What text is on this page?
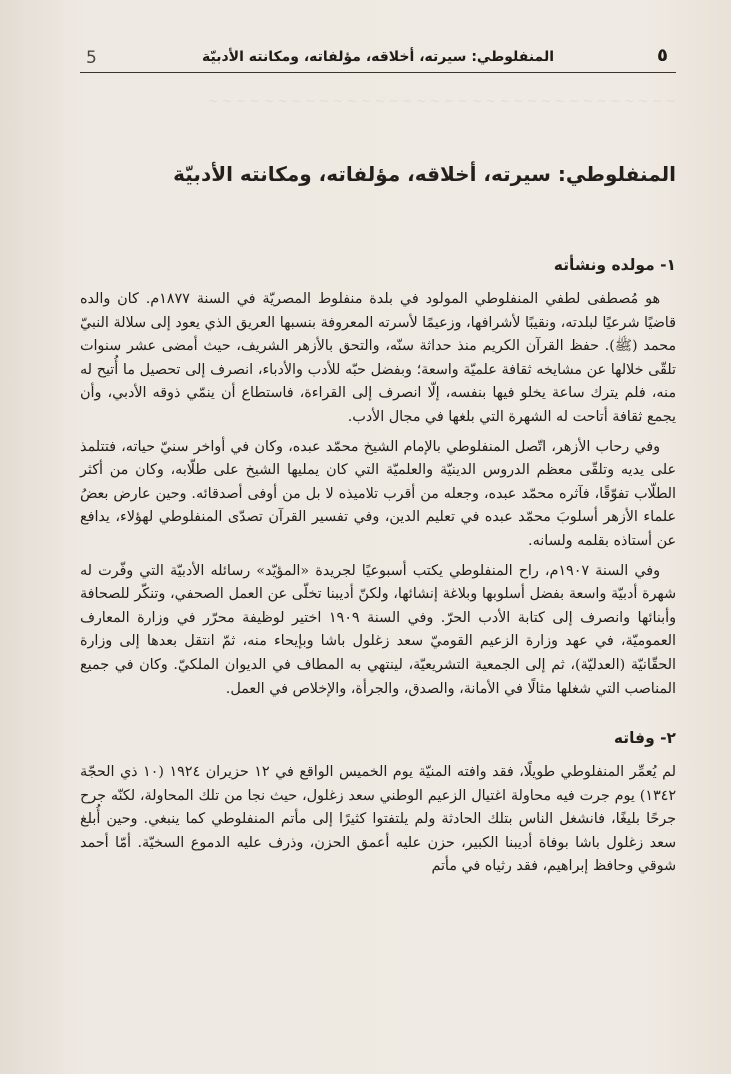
~ ~ ~ ~ ~ ~ ~ ~ ~ ~ ~ ~ ~ ~ ~ ~ ~ ~ ~ ~ ~ ~ ~ ~ ~ ~ ~ ~ ~ ~ ~ ~ ~ ~
5	المنفلوطي: سيرته، أخلاقه، مؤلفاته، ومكانته الأدبيّة	٥
المنفلوطي: سيرته، أخلاقه، مؤلفاته، ومكانته الأدبيّة
١- مولده ونشأته

هو مُصطفى لطفي المنفلوطي المولود في بلدة منفلوط المصريّة في السنة ١٨٧٧م. كان والده قاضيًا شرعيًا لبلدته، ونقيبًا لأشرافها، وزعيمًا لأسرته المعروفة بنسبها العريق الذي يعود إلى سلالة النبيّ محمد (ﷺ). حفظ القرآن الكريم منذ حداثة سنّه، والتحق بالأزهر الشريف، حيث أمضى عشر سنوات تلقّى خلالها عن مشايخه ثقافة علميّة واسعة؛ وبفضل حبّه للأدب والأدباء، انصرف إلى تحصيل ما أُتيح له منه، فلم يترك ساعة يخلو فيها بنفسه، إلّا انصرف إلى القراءة، فاستطاع أن ينمّي ذوقه الأدبي، وأن يجمع ثقافة أتاحت له الشهرة التي بلغها في مجال الأدب.

وفي رحاب الأزهر، اتّصل المنفلوطي بالإمام الشيخ محمّد عبده، وكان في أواخر سنيّ حياته، فتتلمذ على يديه وتلقّى معظم الدروس الدينيّة والعلميّة التي كان يمليها الشيخ على طلّابه، وكان من أكثر الطلّاب تفوّقًا، فآثره محمّد عبده، وجعله من أقرب تلاميذه لا بل من أوفى أصدقائه. وحين عارض بعضُ علماء الأزهر أسلوبَ محمّد عبده في تعليم الدين، وفي تفسير القرآن تصدّى المنفلوطي لهؤلاء، يدافع عن أستاذه بقلمه ولسانه.

وفي السنة ١٩٠٧م، راح المنفلوطي يكتب أسبوعيًا لجريدة «المؤيّد» رسائله الأدبيّة التي وفّرت له شهرة أدبيّة واسعة بفضل أسلوبها وبلاغة إنشائها، ولكنّ أديبنا تخلّى عن العمل الصحفي، وتنكّر للصحافة وأبنائها وانصرف إلى كتابة الأدب الحرّ. وفي السنة ١٩٠٩ اختير لوظيفة محرّر في وزارة المعارف العموميّة، في عهد وزارة الزعيم القوميّ سعد زغلول باشا وبإيحاء منه، ثمّ انتقل بعدها إلى وزارة الحقّانيّة (العدليّة)، ثم إلى الجمعية التشريعيّة، لينتهي به المطاف في الديوان الملكيّ. وكان في جميع المناصب التي شغلها مثالًا في الأمانة، والصدق، والجرأة، والإخلاص في العمل.

٢- وفاته

لم يُعمِّر المنفلوطي طويلًا، فقد وافته المنيّة يوم الخميس الواقع في ١٢ حزيران ١٩٢٤ (١٠ ذي الحجّة ١٣٤٢) يوم جرت فيه محاولة اغتيال الزعيم الوطني سعد زغلول، حيث نجا من تلك المحاولة، لكنّه جرح جرحًا بليغًا، فانشغل الناس بتلك الحادثة ولم يلتفتوا كثيرًا إلى مأتم المنفلوطي كما ينبغي. وحين أُبلغ سعد زغلول باشا بوفاة أديبنا الكبير، حزن عليه أعمق الحزن، وذرف عليه الدموع السخيّة. أمّا أحمد شوقي وحافظ إبراهيم، فقد رثياه في مأتم
